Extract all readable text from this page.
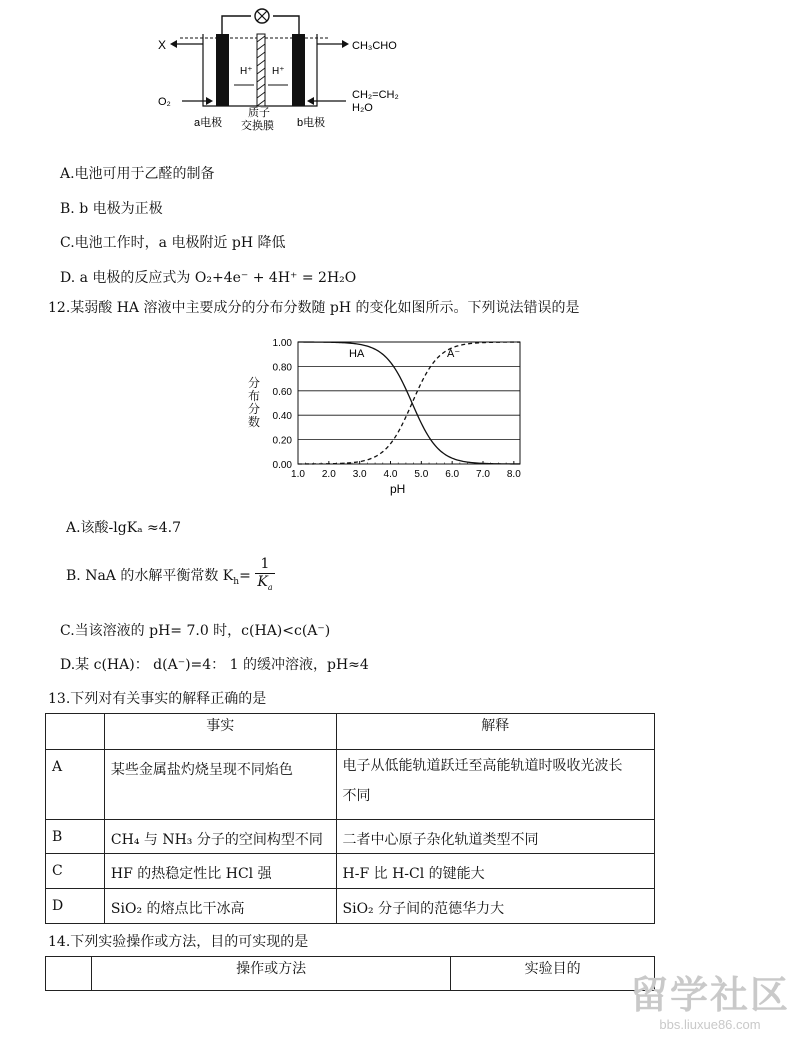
X
O₂
CH₃CHO
CH₂=CH₂
H₂O
H⁺ H⁺
a电极
质子
交换膜 b电极
A.电池可用于乙醛的制备
B. b 电极为正极
C.电池工作时，a 电极附近 pH 降低
D. a 电极的反应式为 O₂+4e⁻ + 4H⁺ = 2H₂O
12.某弱酸 HA 溶液中主要成分的分布分数随 pH 的变化如图所示。下列说法错误的是
0.00
0.20
0.40
0.60
0.80
1.00
1.0 2.0 3.0 4.0 5.0 6.0 7.0 8.0
HA	A⁻
pH
分
布
分
数
A.该酸-lgKₐ ≈4.7
B. NaA 的水解平衡常数 $K_h= \frac{1}{K_a}$
C.当该溶液的 pH= 7.0 时，c(HA)<c(A⁻)
D.某 c(HA)： d(A⁻)=4： 1 的缓冲溶液，pH≈4
13.下列对有关事实的解释正确的是
	事实	解释
A	某些金属盐灼烧呈现不同焰色	电子从低能轨道跃迁至高能轨道时吸收光波长
不同

B	CH₄ 与 NH₃ 分子的空间构型不同	二者中心原子杂化轨道类型不同
C	HF 的热稳定性比 HCl 强	H-F 比 H-Cl 的键能大
D	SiO₂ 的熔点比干冰高	SiO₂ 分子间的范德华力大
14.下列实验操作或方法，目的可实现的是
	操作或方法	实验目的
留学社区
bbs.liuxue86.com
